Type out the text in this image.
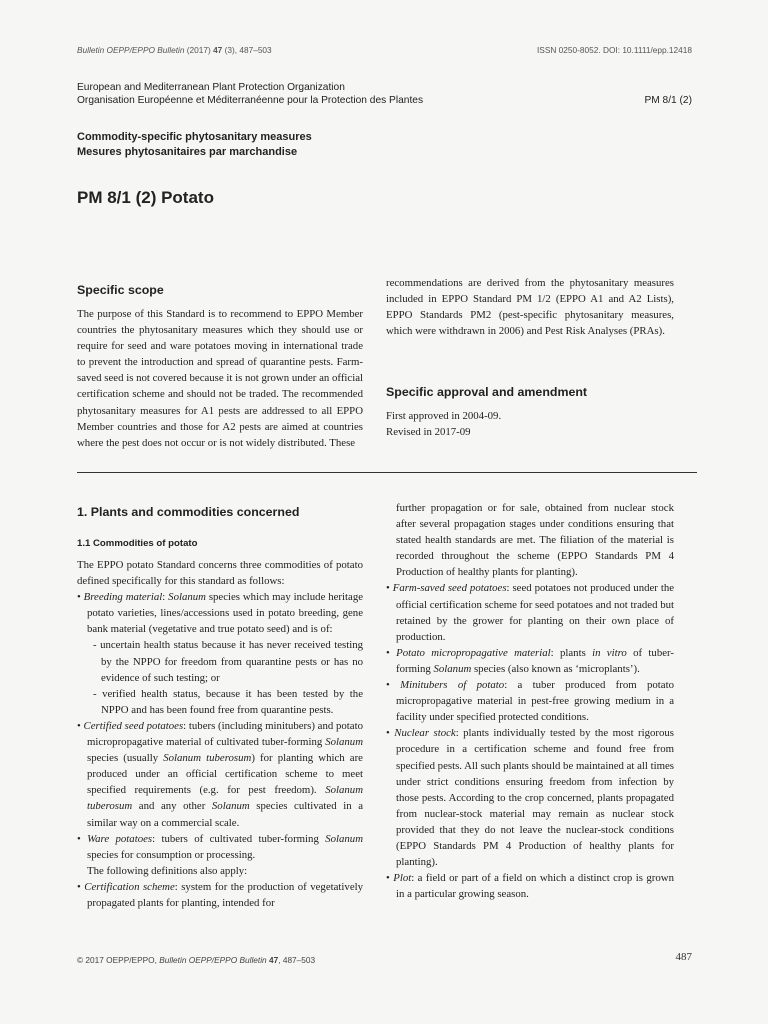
Bulletin OEPP/EPPO Bulletin (2017) 47 (3), 487–503	ISSN 0250-8052. DOI: 10.1111/epp.12418
European and Mediterranean Plant Protection Organization
Organisation Européenne et Méditerranéenne pour la Protection des Plantes	PM 8/1 (2)
Commodity-specific phytosanitary measures
Mesures phytosanitaires par marchandise
PM 8/1 (2) Potato
Specific scope

The purpose of this Standard is to recommend to EPPO Member countries the phytosanitary measures which they should use or require for seed and ware potatoes moving in international trade to prevent the introduction and spread of quarantine pests. Farm-saved seed is not covered because it is not grown under an official certification scheme and should not be traded. The recommended phytosanitary measures for A1 pests are addressed to all EPPO Member countries and those for A2 pests are aimed at countries where the pest does not occur or is not widely distributed. These

recommendations are derived from the phytosanitary measures included in EPPO Standard PM 1/2 (EPPO A1 and A2 Lists), EPPO Standards PM2 (pest-specific phytosanitary measures, which were withdrawn in 2006) and Pest Risk Analyses (PRAs).

Specific approval and amendment

First approved in 2004-09.

Revised in 2017-09

1. Plants and commodities concerned
1.1 Commodities of potato

The EPPO potato Standard concerns three commodities of potato defined specifically for this standard as follows:

• Breeding material: Solanum species which may include heritage potato varieties, lines/accessions used in potato breeding, gene bank material (vegetative and true potato seed) and is of:

- uncertain health status because it has never received testing by the NPPO for freedom from quarantine pests or has no evidence of such testing; or

- verified health status, because it has been tested by the NPPO and has been found free from quarantine pests.

• Certified seed potatoes: tubers (including minitubers) and potato micropropagative material of cultivated tuber-forming Solanum species (usually Solanum tuberosum) for planting which are produced under an official certification scheme to meet specified requirements (e.g. for pest freedom). Solanum tuberosum and any other Solanum species cultivated in a similar way on a commercial scale.

• Ware potatoes: tubers of cultivated tuber-forming Solanum species for consumption or processing.

The following definitions also apply:

• Certification scheme: system for the production of vegetatively propagated plants for planting, intended for

further propagation or for sale, obtained from nuclear stock after several propagation stages under conditions ensuring that stated health standards are met. The filiation of the material is recorded throughout the scheme (EPPO Standards PM 4 Production of healthy plants for planting).

• Farm-saved seed potatoes: seed potatoes not produced under the official certification scheme for seed potatoes and not traded but retained by the grower for planting on their own place of production.

• Potato micropropagative material: plants in vitro of tuber-forming Solanum species (also known as ‘microplants’).

• Minitubers of potato: a tuber produced from potato micropropagative material in pest-free growing medium in a facility under specified protected conditions.

• Nuclear stock: plants individually tested by the most rigorous procedure in a certification scheme and found free from specified pests. All such plants should be maintained at all times under strict conditions ensuring freedom from infection by those pests. According to the crop concerned, plants propagated from nuclear-stock material may remain as nuclear stock provided that they do not leave the nuclear-stock conditions (EPPO Standards PM 4 Production of healthy plants for planting).

• Plot: a field or part of a field on which a distinct crop is grown in a particular growing season.

© 2017 OEPP/EPPO, Bulletin OEPP/EPPO Bulletin 47, 487–503	487
